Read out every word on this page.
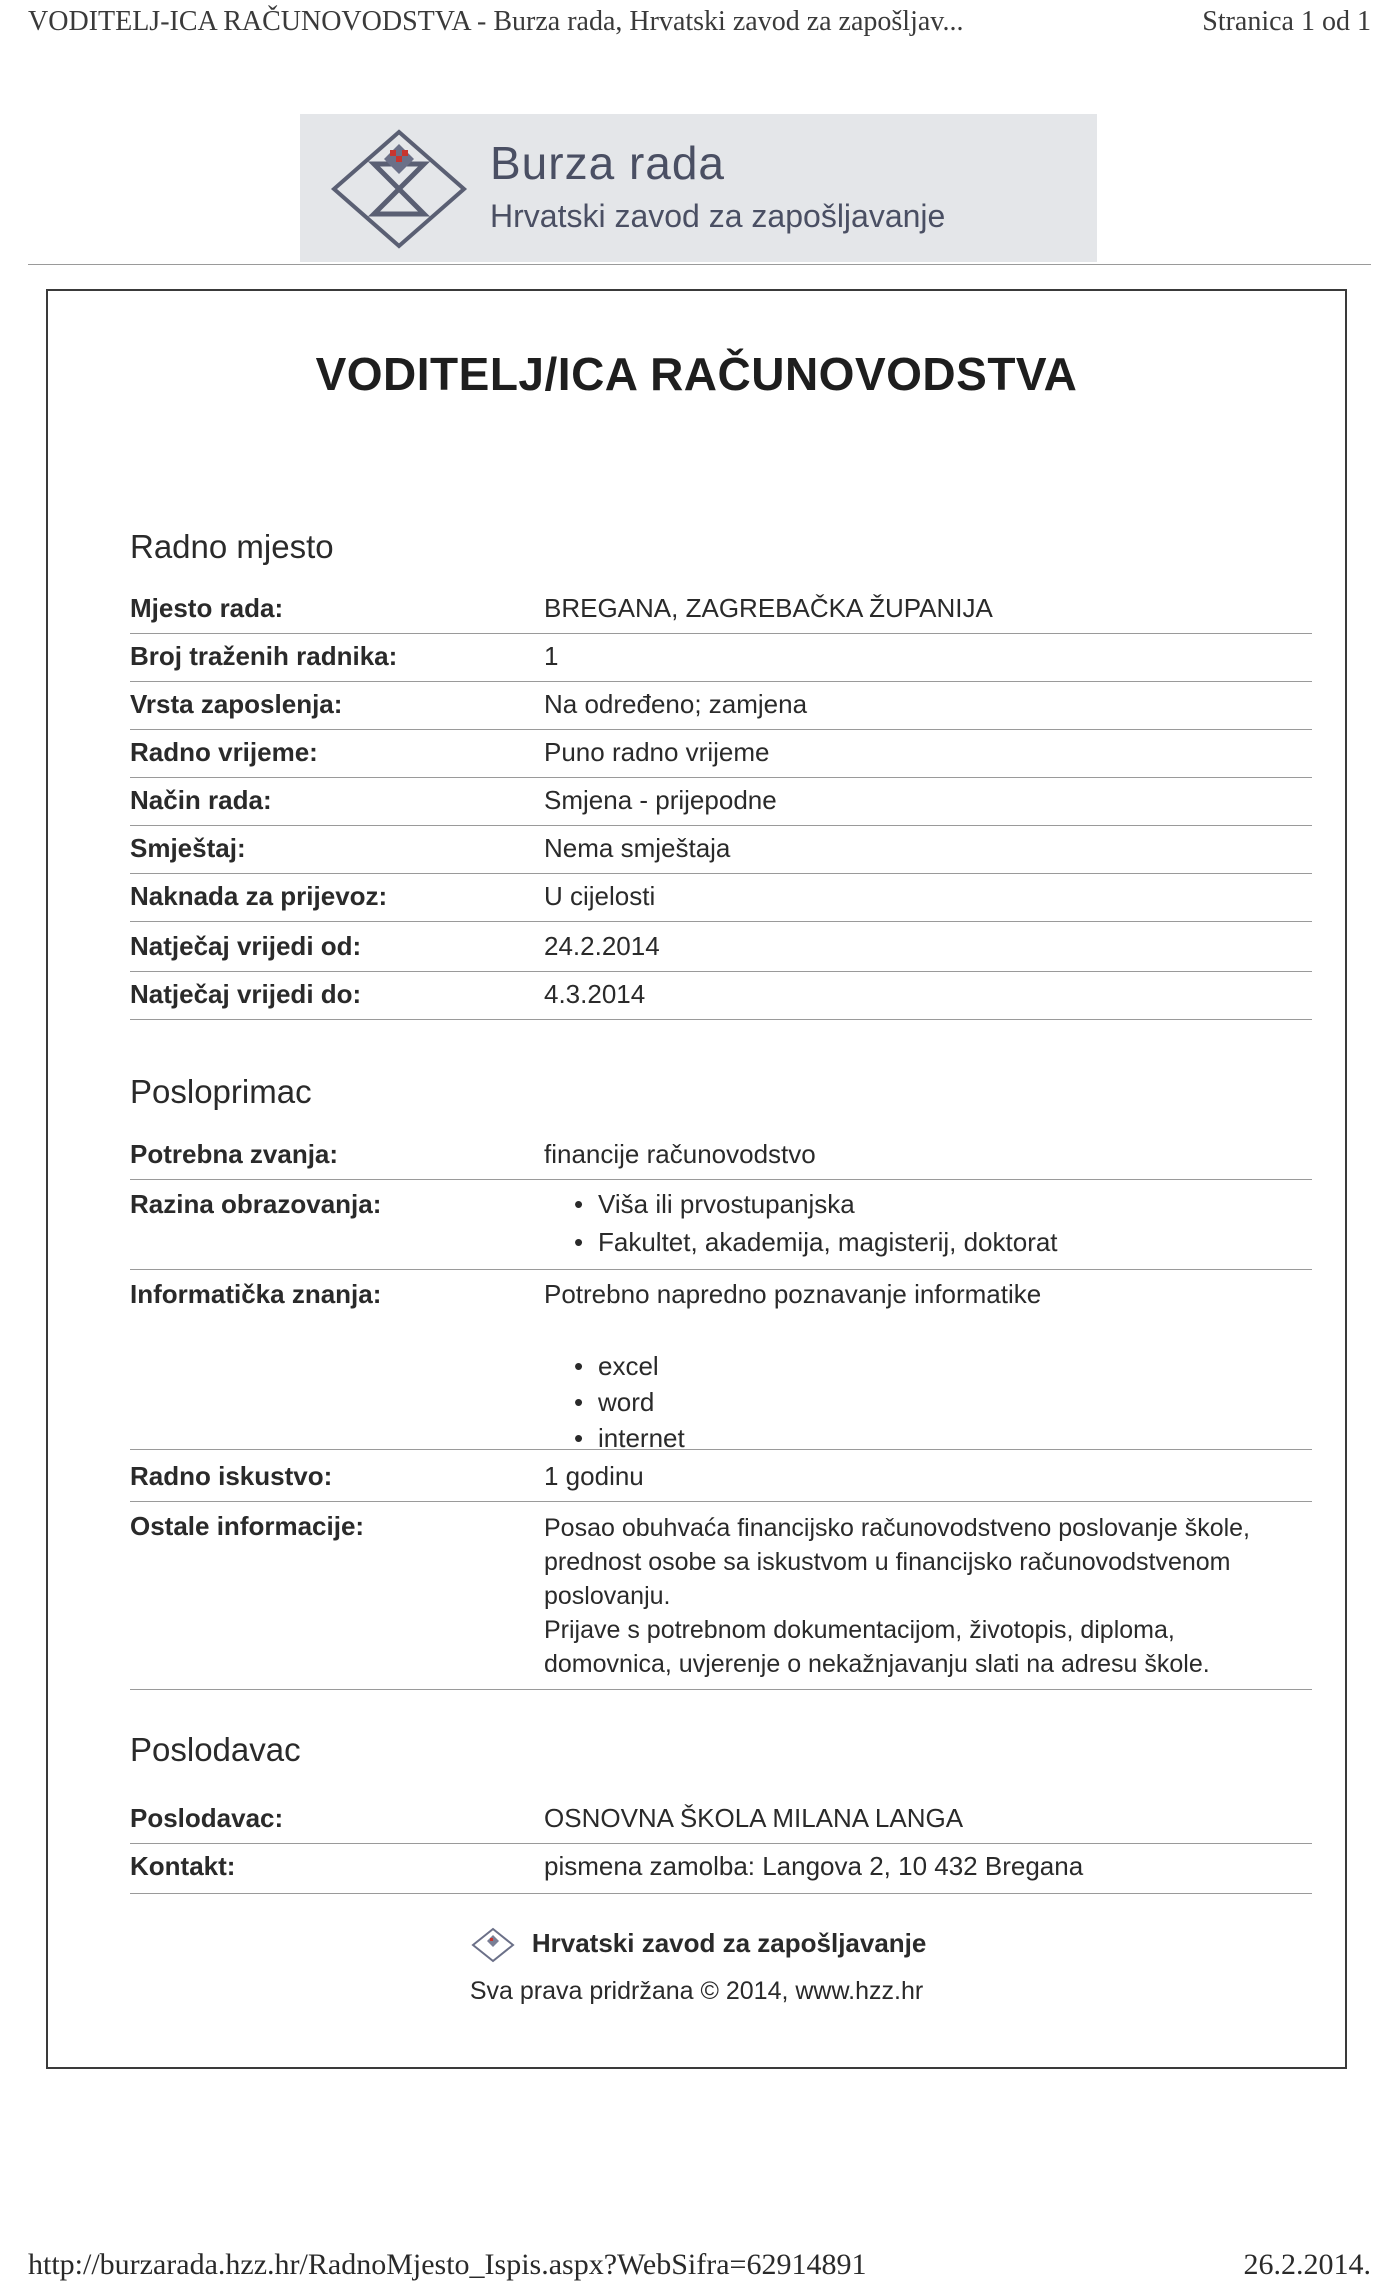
VODITELJ-ICA RAČUNOVODSTVA - Burza rada, Hrvatski zavod za zapošljav...	Stranica 1 od 1
Burza rada
Hrvatski zavod za zapošljavanje
VODITELJ/ICA RAČUNOVODSTVA
Radno mjesto
Posloprimac
Potrebna zvanja:	financije računovodstvo
Razina obrazovanja:
•	Viša ili prvostupanjska
• Fakultet, akademija, magisterij, doktorat
Informatička znanja:	Potrebno napredno poznavanje informatike
• excel
• word
• internet
Radno iskustvo:	1 godinu
Ostale informacije:	Posao obuhvaća financijsko računovodstveno poslovanje škole,
prednost osobe sa iskustvom u financijsko računovodstvenom
poslovanju.
Prijave s potrebnom dokumentacijom, životopis, diploma,
domovnica, uvjerenje o nekažnjavanju slati na adresu škole.
Poslodavac
Poslodavac:	OSNOVNA ŠKOLA MILANA LANGA
Kontakt:	pismena zamolba: Langova 2, 10 432 Bregana
Hrvatski zavod za zapošljavanje
Sva prava pridržana © 2014, www.hzz.hr
Mjesto rada:	BREGANA, ZAGREBAČKA ŽUPANIJA
Broj traženih radnika:	1
Vrsta zaposlenja:	Na određeno; zamjena
Radno vrijeme:	Puno radno vrijeme
Način rada:	Smjena - prijepodne
Smještaj:	Nema smještaja
Naknada za prijevoz:	U cijelosti
Natječaj vrijedi od:	24.2.2014
Natječaj vrijedi do:	4.3.2014
http://burzarada.hzz.hr/RadnoMjesto_Ispis.aspx?WebSifra=62914891	26.2.2014.
